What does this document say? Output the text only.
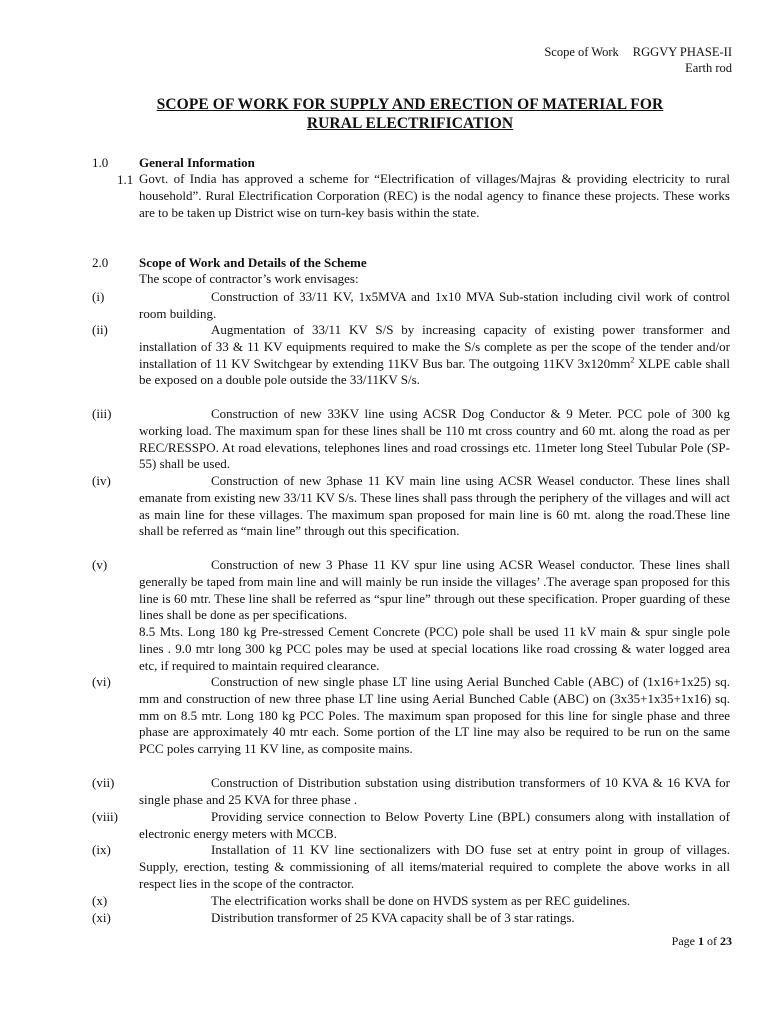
Scope of Work RGGVY PHASE-II
Earth rod
SCOPE OF WORK FOR SUPPLY AND ERECTION OF MATERIAL FOR
RURAL ELECTRIFICATION
1.0 General Information
1.1 Govt. of India has approved a scheme for “Electrification of villages/Majras & providing electricity to rural household”. Rural Electrification Corporation (REC) is the nodal agency to finance these projects. These works are to be taken up District wise on turn-key basis within the state.
2.0 Scope of Work and Details of the Scheme
The scope of contractor’s work envisages:
(i)	Construction of 33/11 KV, 1x5MVA and 1x10 MVA Sub-station including civil work of control room building.
(ii)	Augmentation of 33/11 KV S/S by increasing capacity of existing power transformer and installation of 33 & 11 KV equipments required to make the S/s complete as per the scope of the tender and/or installation of 11 KV Switchgear by extending 11KV Bus bar. The outgoing 11KV $3x120mm^2$ XLPE cable shall be exposed on a double pole outside the 33/11KV S/s.
(iii)	Construction of new 33KV line using ACSR Dog Conductor & 9 Meter. PCC pole of 300 kg working load. The maximum span for these lines shall be 110 mt cross country and 60 mt. along the road as per REC/RESSPO. At road elevations, telephones lines and road crossings etc. 11meter long Steel Tubular Pole (SP-55) shall be used.
(iv)	Construction of new 3phase 11 KV main line using ACSR Weasel conductor. These lines shall emanate from existing new 33/11 KV S/s. These lines shall pass through the periphery of the villages and will act as main line for these villages. The maximum span proposed for main line is 60 mt. along the road.These line shall be referred as “main line” through out this specification.
(v)	Construction of new 3 Phase 11 KV spur line using ACSR Weasel conductor. These lines shall generally be taped from main line and will mainly be run inside the villages’ .The average span proposed for this line is 60 mtr. These line shall be referred as “spur line” through out these specification. Proper guarding of these lines shall be done as per specifications.
8.5 Mts. Long 180 kg Pre-stressed Cement Concrete (PCC) pole shall be used 11 kV main & spur single pole lines . 9.0 mtr long 300 kg PCC poles may be used at special locations like road crossing & water logged area etc, if required to maintain required clearance.
(vi)	Construction of new single phase LT line using Aerial Bunched Cable (ABC) of (1x16+1x25) sq. mm and construction of new three phase LT line using Aerial Bunched Cable (ABC) on (3x35+1x35+1x16) sq. mm on 8.5 mtr. Long 180 kg PCC Poles. The maximum span proposed for this line for single phase and three phase are approximately 40 mtr each. Some portion of the LT line may also be required to be run on the same PCC poles carrying 11 KV line, as composite mains.
(vii)	Construction of Distribution substation using distribution transformers of 10 KVA & 16 KVA for single phase and 25 KVA for three phase .
(viii)	Providing service connection to Below Poverty Line (BPL) consumers along with installation of electronic energy meters with MCCB.
(ix)	Installation of 11 KV line sectionalizers with DO fuse set at entry point in group of villages. Supply, erection, testing & commissioning of all items/material required to complete the above works in all respect lies in the scope of the contractor.
(x)	The electrification works shall be done on HVDS system as per REC guidelines.
(xi)	Distribution transformer of 25 KVA capacity shall be of 3 star ratings.
Page 1 of 23
